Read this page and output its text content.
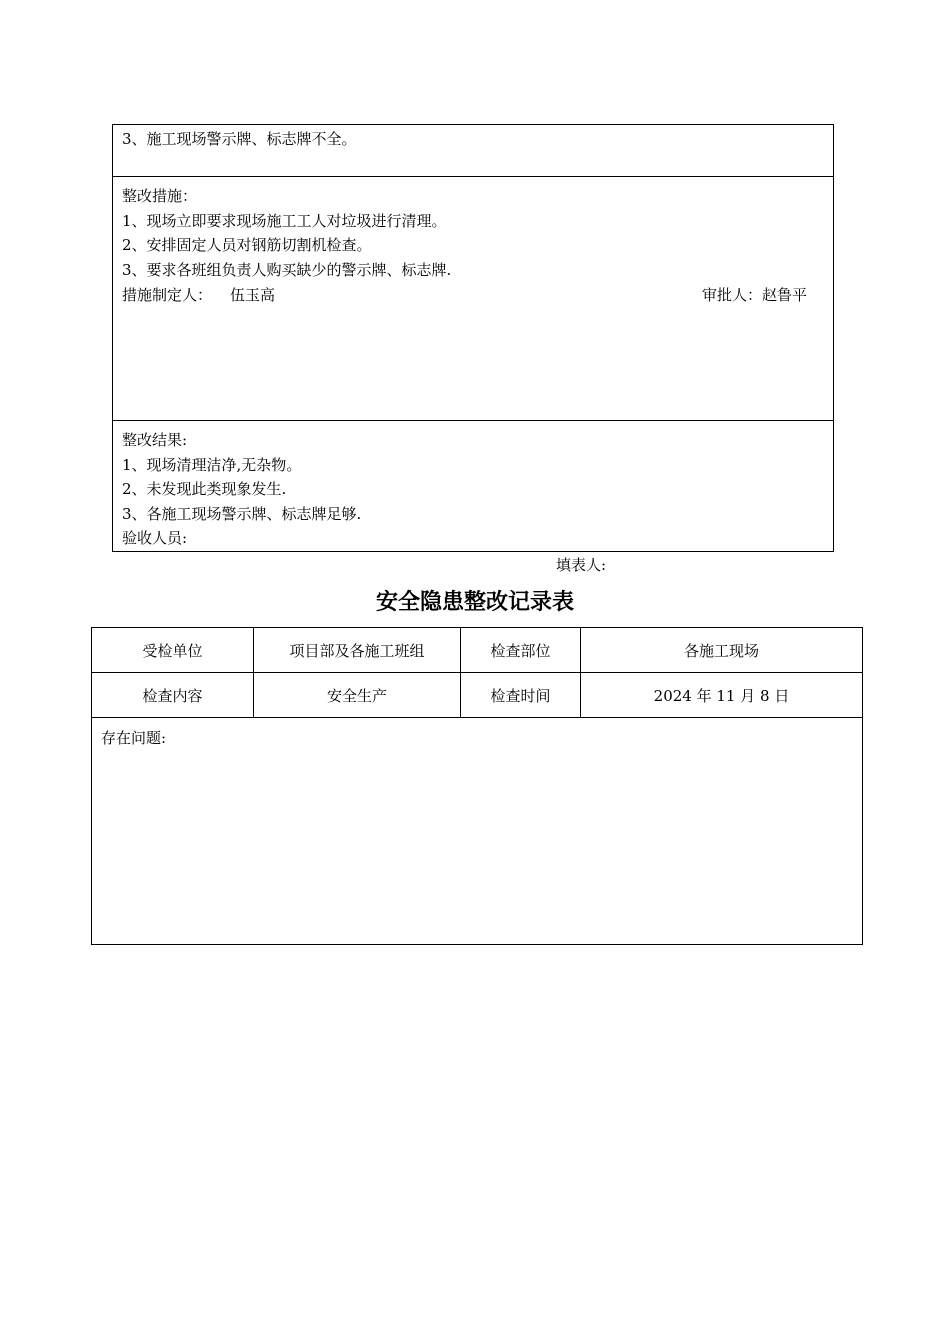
3、施工现场警示牌、标志牌不全。
整改措施：
1、现场立即要求现场施工工人对垃圾进行清理。
2、安排固定人员对钢筋切割机检查。
3、要求各班组负责人购买缺少的警示牌、标志牌.
措施制定人： 伍玉高	审批人：赵鲁平
整改结果:
1、现场清理洁净,无杂物。
2、未发现此类现象发生.
3、各施工现场警示牌、标志牌足够.
验收人员:
填表人:
安全隐患整改记录表
受检单位	项目部及各施工班组	检查部位	各施工现场
检查内容	安全生产	检查时间	2024 年 11 月 8 日
存在问题:			
